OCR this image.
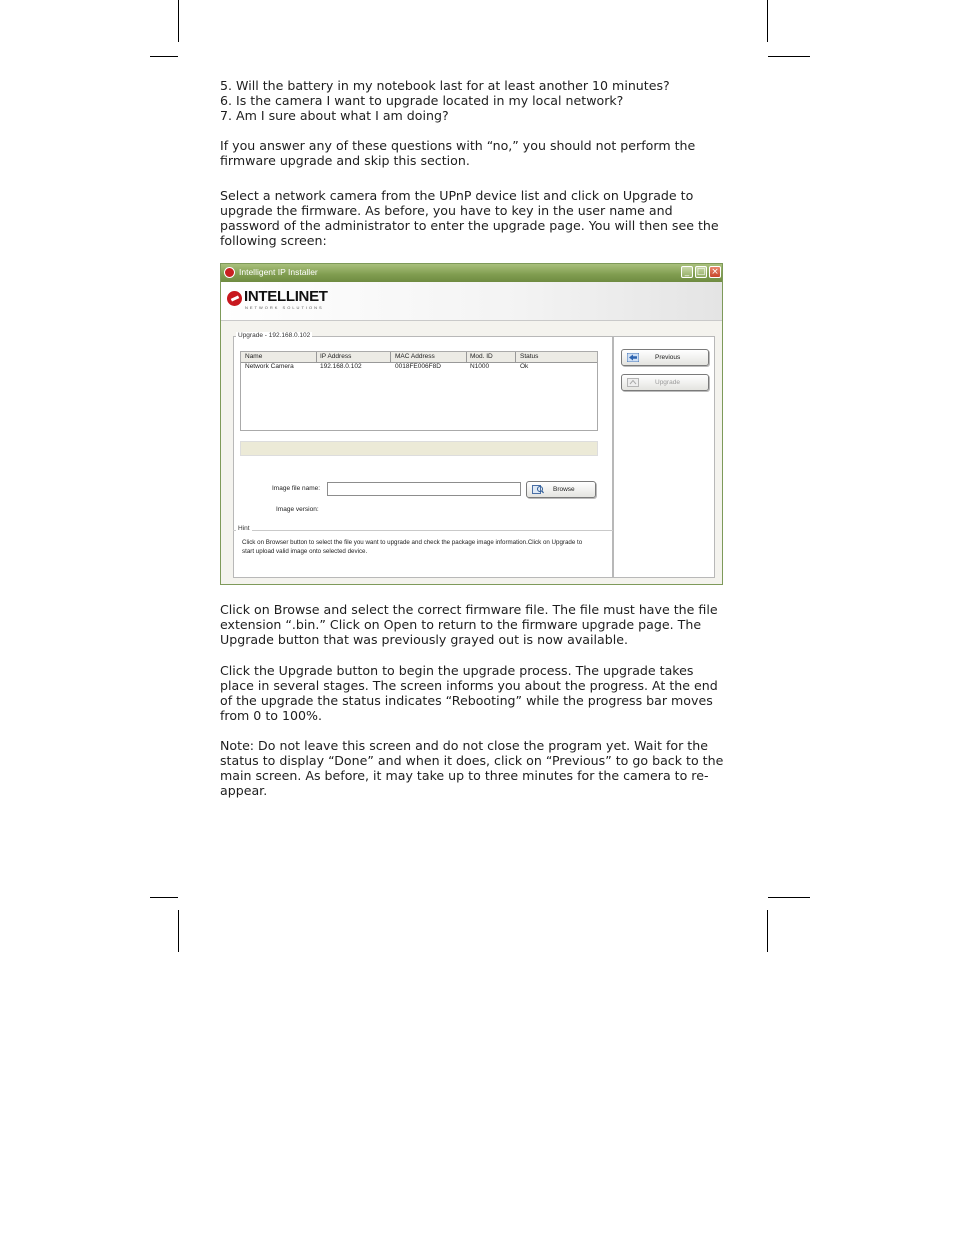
5. Will the battery in my notebook last for at least another 10 minutes?

6. Is the camera I want to upgrade located in my local network?

7. Am I sure about what I am doing?

If you answer any of these questions with “no,” you should not perform the firmware upgrade and skip this section.

Select a network camera from the UPnP device list and click on Upgrade to upgrade the firmware. As before, you have to key in the user name and password of the administrator to enter the upgrade page. You will then see the following screen:

Intelligent IP Installer	_ □ ×
INTELLINET
NETWORK SOLUTIONS
Upgrade - 192.168.0.102
Name	IP Address	MAC Address	Mod. ID	Status
Network Camera	192.168.0.102	0018FE006F8D	N1000	Ok
Image file name:	Browse
Image version:
Hint
Click on Browser button to select the file you want to upgrade and check the package image information.Click on Upgrade to start upload valid image onto selected device.
Previous
Upgrade

Click on Browse and select the correct firmware file. The file must have the file extension “.bin.” Click on Open to return to the firmware upgrade page. The Upgrade button that was previously grayed out is now available.

Click the Upgrade button to begin the upgrade process. The upgrade takes place in several stages. The screen informs you about the progress. At the end of the upgrade the status indicates “Rebooting” while the progress bar moves from 0 to 100%.

Note: Do not leave this screen and do not close the program yet. Wait for the status to display “Done” and when it does, click on “Previous” to go back to the main screen. As before, it may take up to three minutes for the camera to re-appear.
